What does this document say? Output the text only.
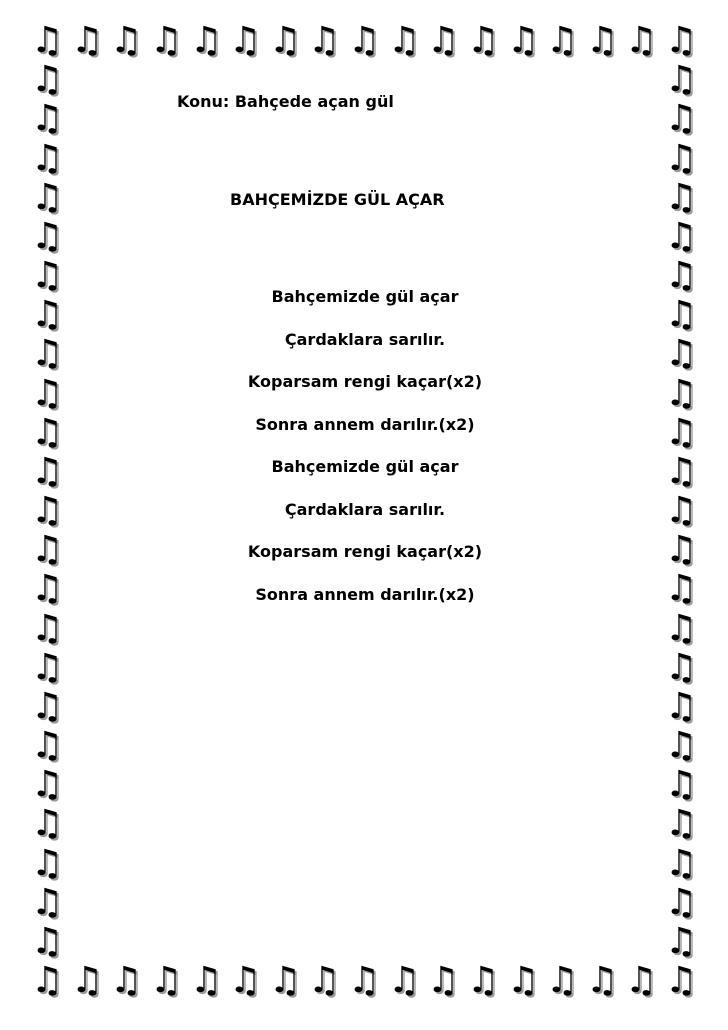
♫
♫
♫
♫
♫
♫
♫
♫
♫
♫
♫
♫
♫
♫
♫
♫
♫
♫
♫
♫
♫
♫
♫
♫
♫
♫
♫
♫
♫
♫
♫
♫
♫
♫
♫	♫
♫	♫
♫	♫
♫	♫
♫	♫
♫	♫
♫	♫
♫	♫
♫	♫
♫	♫
♫	♫
♫	♫
♫	♫
♫	♫
♫	♫
♫	♫
♫	♫
♫	♫
♫	♫
♫	♫
♫	♫
♫	♫
♫	♫
Konu: Bahçede açan gül
BAHÇEMİZDE GÜL AÇAR
Bahçemizde gül açar
Çardaklara sarılır.
Koparsam rengi kaçar(x2)
Sonra annem darılır.(x2)
Bahçemizde gül açar
Çardaklara sarılır.
Koparsam rengi kaçar(x2)
Sonra annem darılır.(x2)
